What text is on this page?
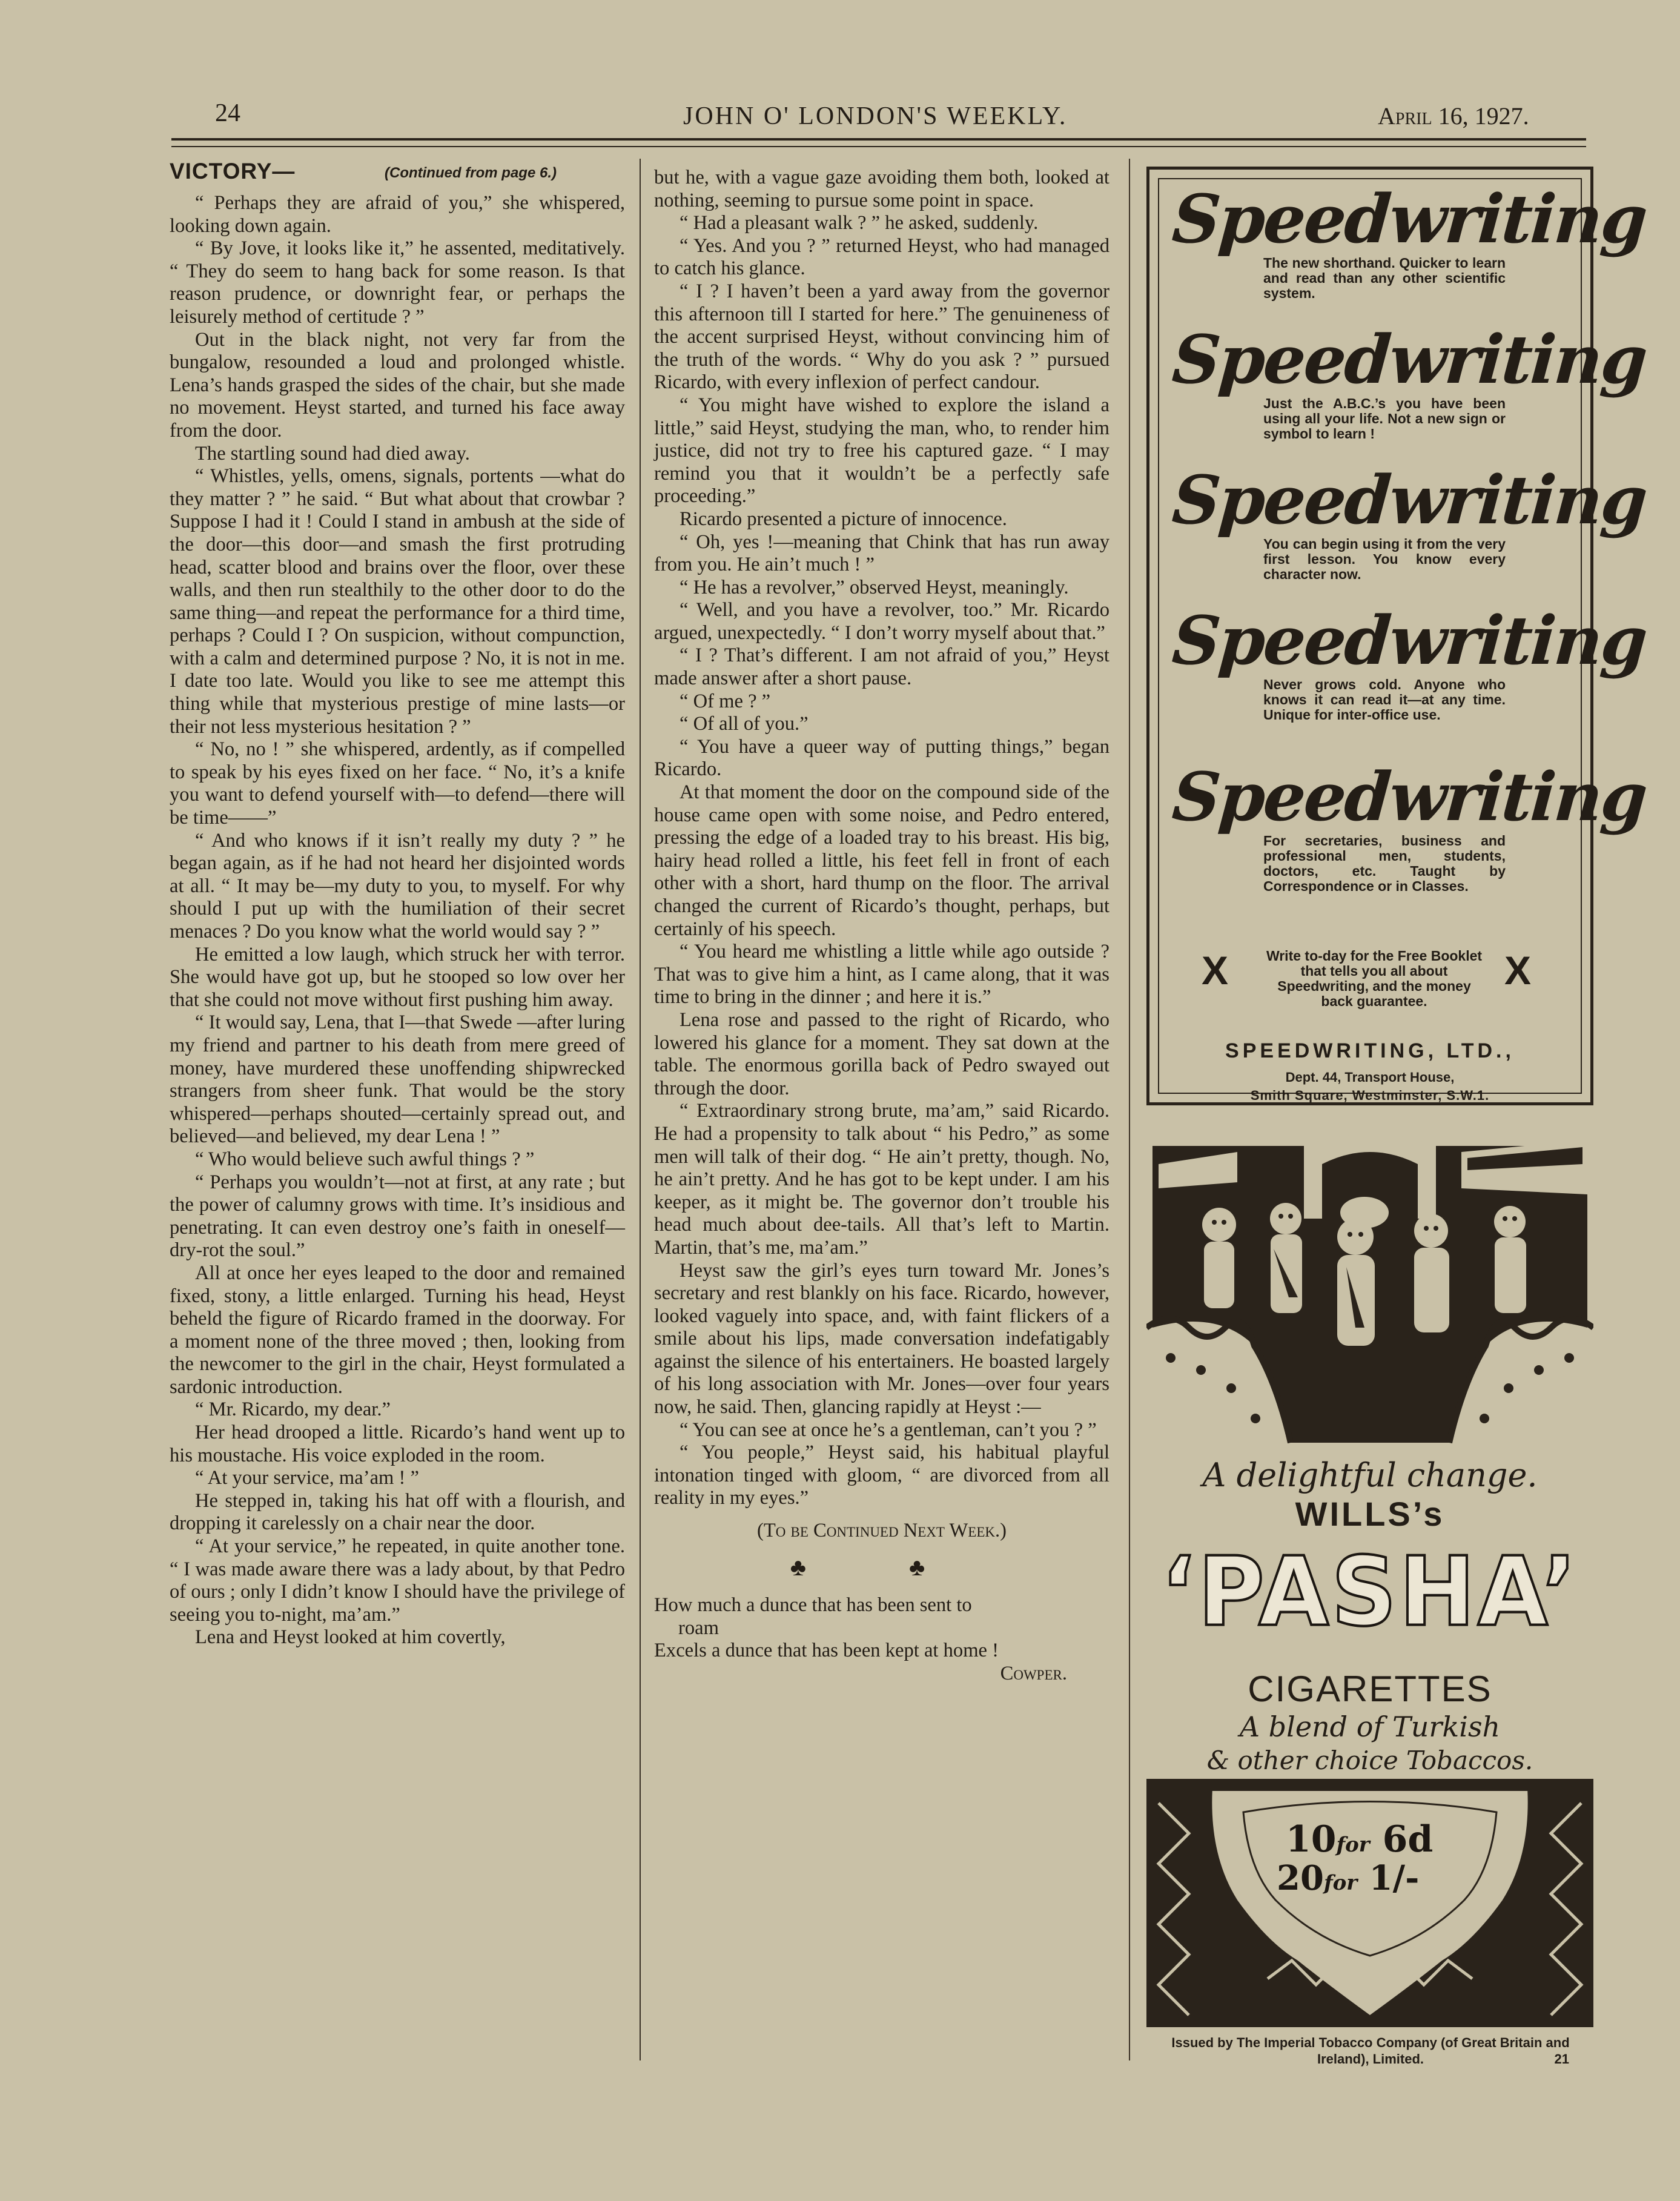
24	JOHN O' LONDON'S WEEKLY.	April 16, 1927.
VICTORY—	(Continued from page 6.)

“ Perhaps they are afraid of you,” she whispered, looking down again.

“ By Jove, it looks like it,” he assented, meditatively. “ They do seem to hang back for some reason. Is that reason prudence, or downright fear, or perhaps the leisurely method of certitude ? ”

Out in the black night, not very far from the bungalow, resounded a loud and prolonged whistle. Lena’s hands grasped the sides of the chair, but she made no movement. Heyst started, and turned his face away from the door.

The startling sound had died away.

“ Whistles, yells, omens, signals, portents —what do they matter ? ” he said. “ But what about that crowbar ? Suppose I had it ! Could I stand in ambush at the side of the door—this door—and smash the first protruding head, scatter blood and brains over the floor, over these walls, and then run stealthily to the other door to do the same thing—and repeat the performance for a third time, perhaps ? Could I ? On suspicion, without compunction, with a calm and determined purpose ? No, it is not in me. I date too late. Would you like to see me attempt this thing while that mysterious prestige of mine lasts—or their not less mysterious hesitation ? ”

“ No, no ! ” she whispered, ardently, as if compelled to speak by his eyes fixed on her face. “ No, it’s a knife you want to defend yourself with—to defend—there will be time——”

“ And who knows if it isn’t really my duty ? ” he began again, as if he had not heard her disjointed words at all. “ It may be—my duty to you, to myself. For why should I put up with the humiliation of their secret menaces ? Do you know what the world would say ? ”

He emitted a low laugh, which struck her with terror. She would have got up, but he stooped so low over her that she could not move without first pushing him away.

“ It would say, Lena, that I—that Swede —after luring my friend and partner to his death from mere greed of money, have murdered these unoffending shipwrecked strangers from sheer funk. That would be the story whispered—perhaps shouted—certainly spread out, and believed—and believed, my dear Lena ! ”

“ Who would believe such awful things ? ”

“ Perhaps you wouldn’t—not at first, at any rate ; but the power of calumny grows with time. It’s insidious and penetrating. It can even destroy one’s faith in oneself—dry-rot the soul.”

All at once her eyes leaped to the door and remained fixed, stony, a little enlarged. Turning his head, Heyst beheld the figure of Ricardo framed in the doorway. For a moment none of the three moved ; then, looking from the newcomer to the girl in the chair, Heyst formulated a sardonic introduction.

“ Mr. Ricardo, my dear.”

Her head drooped a little. Ricardo’s hand went up to his moustache. His voice exploded in the room.

“ At your service, ma’am ! ”

He stepped in, taking his hat off with a flourish, and dropping it carelessly on a chair near the door.

“ At your service,” he repeated, in quite another tone. “ I was made aware there was a lady about, by that Pedro of ours ; only I didn’t know I should have the privilege of seeing you to-night, ma’am.”

Lena and Heyst looked at him covertly,

but he, with a vague gaze avoiding them both, looked at nothing, seeming to pursue some point in space.

“ Had a pleasant walk ? ” he asked, suddenly.

“ Yes. And you ? ” returned Heyst, who had managed to catch his glance.

“ I ? I haven’t been a yard away from the governor this afternoon till I started for here.” The genuineness of the accent surprised Heyst, without convincing him of the truth of the words. “ Why do you ask ? ” pursued Ricardo, with every inflexion of perfect candour.

“ You might have wished to explore the island a little,” said Heyst, studying the man, who, to render him justice, did not try to free his captured gaze. “ I may remind you that it wouldn’t be a perfectly safe proceeding.”

Ricardo presented a picture of innocence.

“ Oh, yes !—meaning that Chink that has run away from you. He ain’t much ! ”

“ He has a revolver,” observed Heyst, meaningly.

“ Well, and you have a revolver, too.” Mr. Ricardo argued, unexpectedly. “ I don’t worry myself about that.”

“ I ? That’s different. I am not afraid of you,” Heyst made answer after a short pause.

“ Of me ? ”

“ Of all of you.”

“ You have a queer way of putting things,” began Ricardo.

At that moment the door on the compound side of the house came open with some noise, and Pedro entered, pressing the edge of a loaded tray to his breast. His big, hairy head rolled a little, his feet fell in front of each other with a short, hard thump on the floor. The arrival changed the current of Ricardo’s thought, perhaps, but certainly of his speech.

“ You heard me whistling a little while ago outside ? That was to give him a hint, as I came along, that it was time to bring in the dinner ; and here it is.”

Lena rose and passed to the right of Ricardo, who lowered his glance for a moment. They sat down at the table. The enormous gorilla back of Pedro swayed out through the door.

“ Extraordinary strong brute, ma’am,” said Ricardo. He had a propensity to talk about “ his Pedro,” as some men will talk of their dog. “ He ain’t pretty, though. No, he ain’t pretty. And he has got to be kept under. I am his keeper, as it might be. The governor don’t trouble his head much about dee-tails. All that’s left to Martin. Martin, that’s me, ma’am.”

Heyst saw the girl’s eyes turn toward Mr. Jones’s secretary and rest blankly on his face. Ricardo, however, looked vaguely into space, and, with faint flickers of a smile about his lips, made conversation indefatigably against the silence of his entertainers. He boasted largely of his long association with Mr. Jones—over four years now, he said. Then, glancing rapidly at Heyst :—

“ You can see at once he’s a gentleman, can’t you ? ”

“ You people,” Heyst said, his habitual playful intonation tinged with gloom, “ are divorced from all reality in my eyes.”

(To be Continued Next Week.)

♣ ♣

How much a dunce that has been sent to
roam

Excels a dunce that has been kept at home !

Cowper.

Speedwriting
The new shorthand. Quicker to learn and read than any other scientific system.
Speedwriting
Just the A.B.C.’s you have been using all your life. Not a new sign or symbol to learn !
Speedwriting
You can begin using it from the very first lesson. You know every character now.
Speedwriting
Never grows cold. Anyone who knows it can read it—at any time. Unique for inter-office use.
Speedwriting
For secretaries, business and professional men, students, doctors, etc. Taught by Correspondence or in Classes.
X	X
Write to-day for the Free Booklet that tells you all about Speedwriting, and the money back guarantee.
SPEEDWRITING, LTD.,
Dept. 44, Transport House,
Smith Square, Westminster, S.W.1.
A delightful change.
WILLS’s
‘PASHA’
CIGARETTES
A blend of Turkish
& other choice Tobaccos.
10for 6d
20for 1/-
Issued by The Imperial Tobacco Company (of Great Britain and Ireland), Limited.	21
